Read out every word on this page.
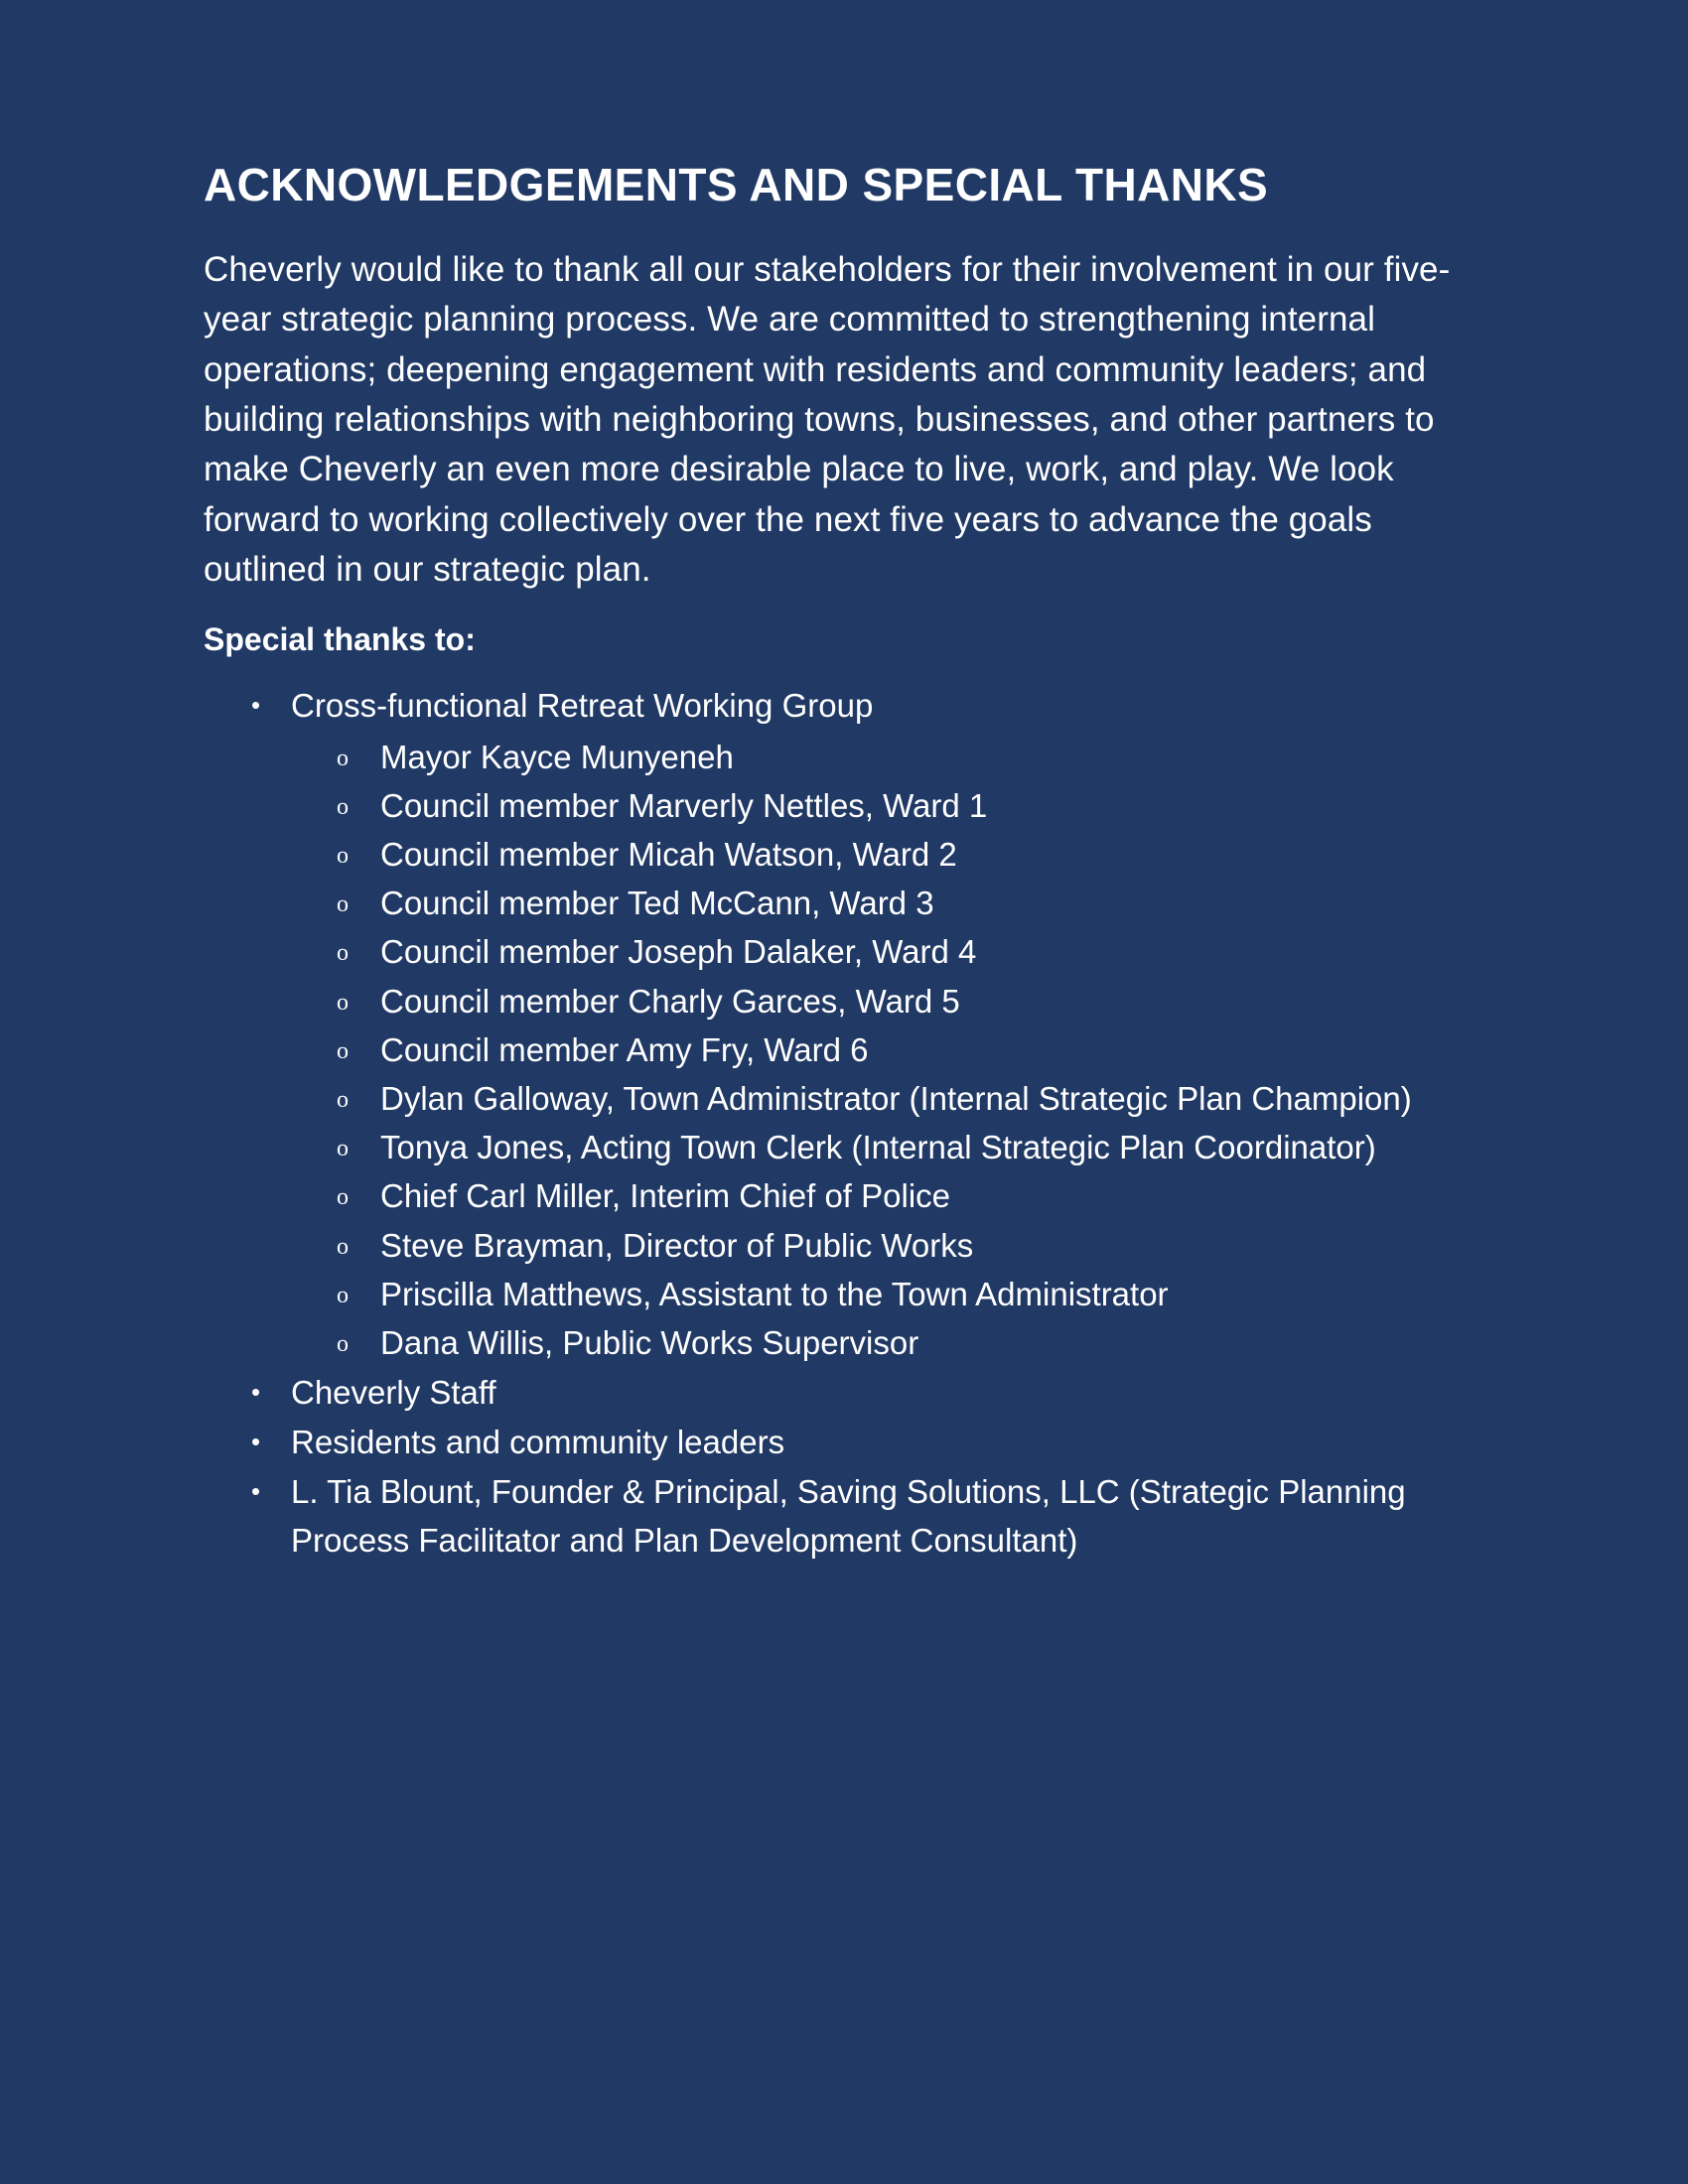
ACKNOWLEDGEMENTS AND SPECIAL THANKS

Cheverly would like to thank all our stakeholders for their involvement in our five-year strategic planning process. We are committed to strengthening internal operations; deepening engagement with residents and community leaders; and building relationships with neighboring towns, businesses, and other partners to make Cheverly an even more desirable place to live, work, and play. We look forward to working collectively over the next five years to advance the goals outlined in our strategic plan.

Special thanks to:

• Cross-functional Retreat Working Group
o Mayor Kayce Munyeneh
o Council member Marverly Nettles, Ward 1
o Council member Micah Watson, Ward 2
o Council member Ted McCann, Ward 3
o Council member Joseph Dalaker, Ward 4
o Council member Charly Garces, Ward 5
o Council member Amy Fry, Ward 6
o Dylan Galloway, Town Administrator (Internal Strategic Plan Champion)
o Tonya Jones, Acting Town Clerk (Internal Strategic Plan Coordinator)
o Chief Carl Miller, Interim Chief of Police
o Steve Brayman, Director of Public Works
o Priscilla Matthews, Assistant to the Town Administrator
o Dana Willis, Public Works Supervisor
• Cheverly Staff
• Residents and community leaders
• L. Tia Blount, Founder & Principal, Saving Solutions, LLC (Strategic Planning Process Facilitator and Plan Development Consultant)
